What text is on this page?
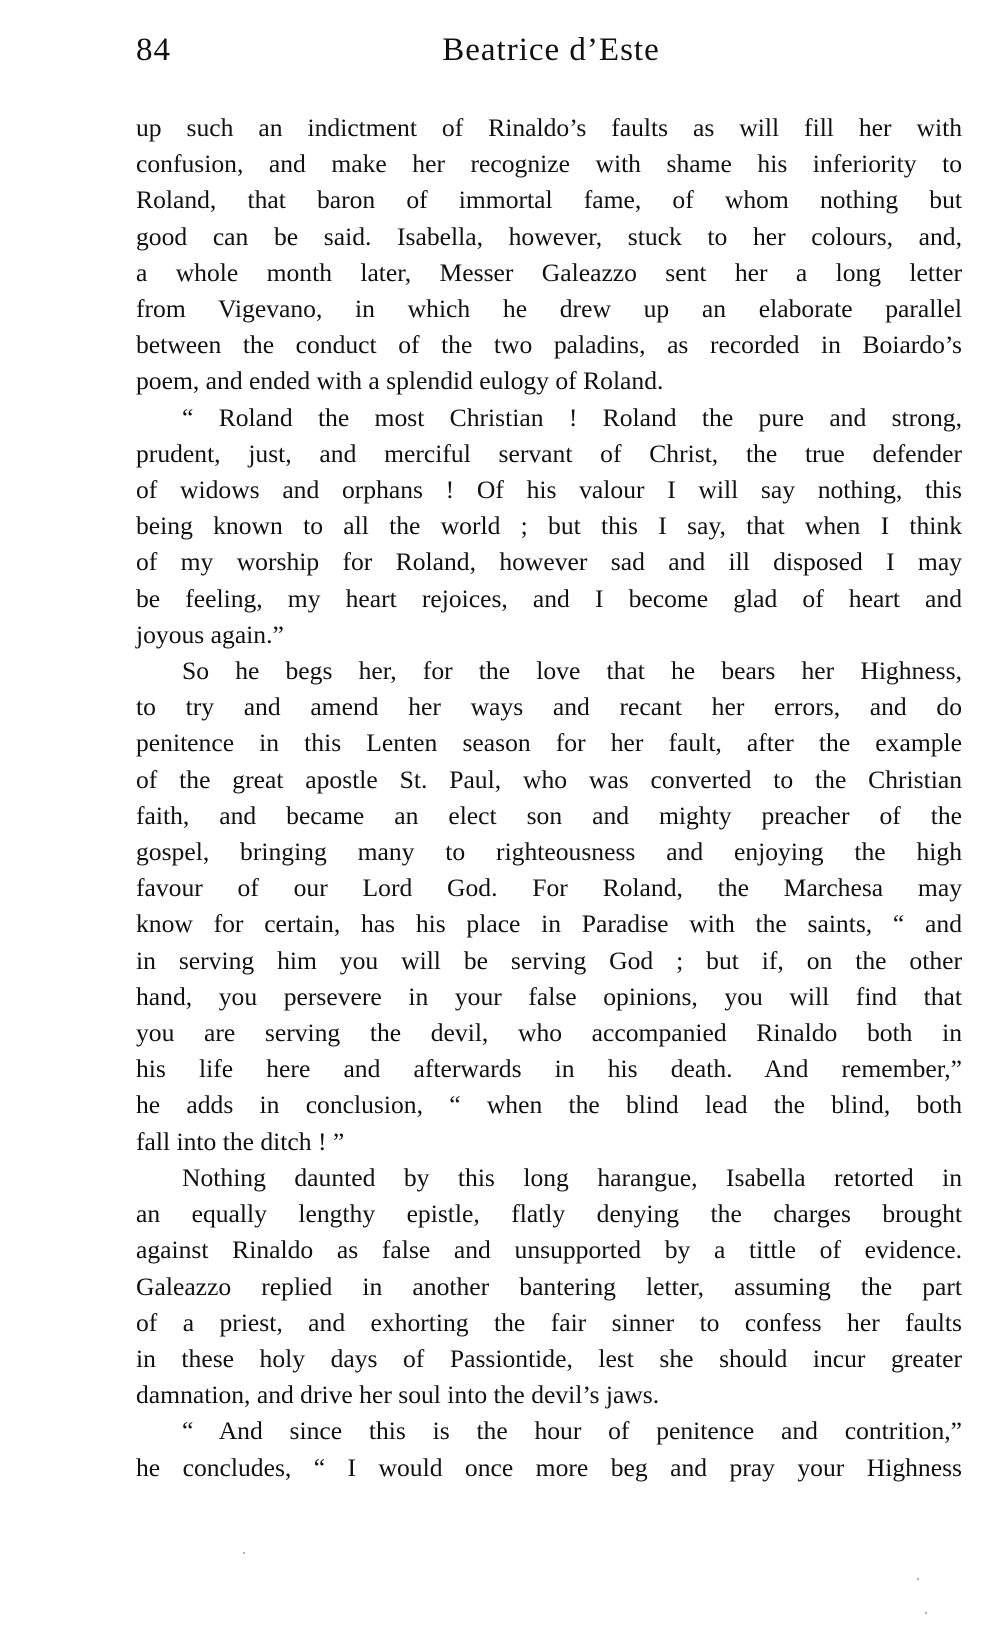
84	Beatrice d’Este

up such an indictment of Rinaldo’s faults as will fill her with

confusion, and make her recognize with shame his inferiority to

Roland, that baron of immortal fame, of whom nothing but

good can be said. Isabella, however, stuck to her colours, and,

a whole month later, Messer Galeazzo sent her a long letter

from Vigevano, in which he drew up an elaborate parallel

between the conduct of the two paladins, as recorded in Boiardo’s

poem, and ended with a splendid eulogy of Roland.

“ Roland the most Christian ! Roland the pure and strong,

prudent, just, and merciful servant of Christ, the true defender

of widows and orphans ! Of his valour I will say nothing, this

being known to all the world ; but this I say, that when I think

of my worship for Roland, however sad and ill disposed I may

be feeling, my heart rejoices, and I become glad of heart and

joyous again.”

So he begs her, for the love that he bears her Highness,

to try and amend her ways and recant her errors, and do

penitence in this Lenten season for her fault, after the example

of the great apostle St. Paul, who was converted to the Christian

faith, and became an elect son and mighty preacher of the

gospel, bringing many to righteousness and enjoying the high

favour of our Lord God. For Roland, the Marchesa may

know for certain, has his place in Paradise with the saints, “ and

in serving him you will be serving God ; but if, on the other

hand, you persevere in your false opinions, you will find that

you are serving the devil, who accompanied Rinaldo both in

his life here and afterwards in his death. And remember,”

he adds in conclusion, “ when the blind lead the blind, both

fall into the ditch ! ”

Nothing daunted by this long harangue, Isabella retorted in

an equally lengthy epistle, flatly denying the charges brought

against Rinaldo as false and unsupported by a tittle of evidence.

Galeazzo replied in another bantering letter, assuming the part

of a priest, and exhorting the fair sinner to confess her faults

in these holy days of Passiontide, lest she should incur greater

damnation, and drive her soul into the devil’s jaws.

“ And since this is the hour of penitence and contrition,”

he concludes, “ I would once more beg and pray your Highness
